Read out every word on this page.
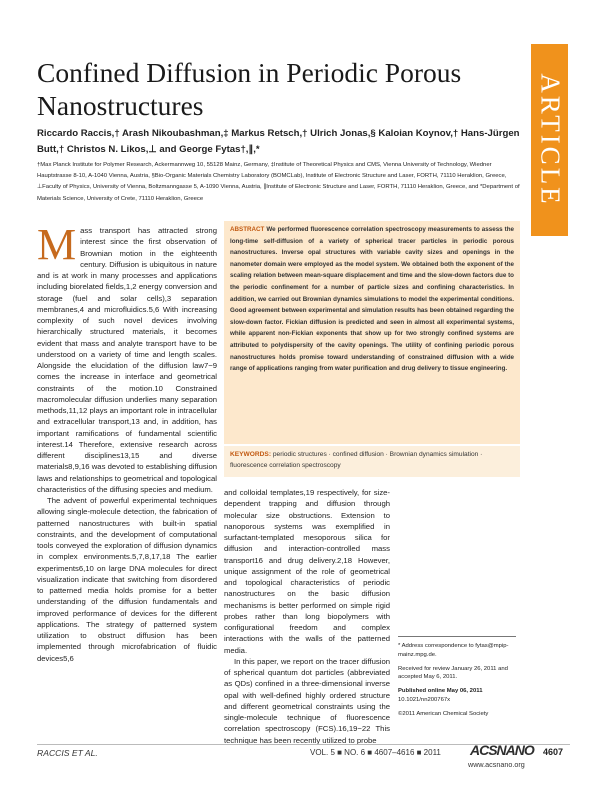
ARTICLE
Confined Diffusion in Periodic Porous
Nanostructures
Riccardo Raccis,† Arash Nikoubashman,‡ Markus Retsch,† Ulrich Jonas,§ Kaloian Koynov,† Hans-Jürgen Butt,† Christos N. Likos,⊥ and George Fytas†,∥,*
†Max Planck Institute for Polymer Research, Ackermannweg 10, 55128 Mainz, Germany, ‡Institute of Theoretical Physics and CMS, Vienna University of Technology, Wiedner Hauptstrasse 8-10, A-1040 Vienna, Austria, §Bio-Organic Materials Chemistry Laboratory (BOMCLab), Institute of Electronic Structure and Laser, FORTH, 71110 Heraklion, Greece, ⊥Faculty of Physics, University of Vienna, Boltzmanngasse 5, A-1090 Vienna, Austria, ∥Institute of Electronic Structure and Laser, FORTH, 71110 Heraklion, Greece, and *Department of Materials Science, University of Crete, 71110 Heraklion, Greece

Mass transport has attracted strong interest since the first observation of Brownian motion in the eighteenth century. Diffusion is ubiquitous in nature and is at work in many processes and applications including biorelated fields,1,2 energy conversion and storage (fuel and solar cells),3 separation membranes,4 and microfluidics.5,6 With increasing complexity of such novel devices involving hierarchically structured materials, it becomes evident that mass and analyte transport have to be understood on a variety of time and length scales. Alongside the elucidation of the diffusion law7−9 comes the increase in interface and geometrical constraints of the motion.10 Constrained macromolecular diffusion underlies many separation methods,11,12 plays an important role in intracellular and extracellular transport,13 and, in addition, has important ramifications of fundamental scientific interest.14 Therefore, extensive research across different disciplines13,15 and diverse materials8,9,16 was devoted to establishing diffusion laws and relationships to geometrical and topological characteristics of the diffusing species and medium.

The advent of powerful experimental techniques allowing single-molecule detection, the fabrication of patterned nanostructures with built-in spatial constraints, and the development of computational tools conveyed the exploration of diffusion dynamics in complex environments.5,7,8,17,18 The earlier experiments6,10 on large DNA molecules for direct visualization indicate that switching from disordered to patterned media holds promise for a better understanding of the diffusion fundamentals and improved performance of devices for the different applications. The strategy of patterned system utilization to obstruct diffusion has been implemented through microfabrication of fluidic devices5,6

ABSTRACT We performed fluorescence correlation spectroscopy measurements to assess the long-time self-diffusion of a variety of spherical tracer particles in periodic porous nanostructures. Inverse opal structures with variable cavity sizes and openings in the nanometer domain were employed as the model system. We obtained both the exponent of the scaling relation between mean-square displacement and time and the slow-down factors due to the periodic confinement for a number of particle sizes and confining characteristics. In addition, we carried out Brownian dynamics simulations to model the experimental conditions. Good agreement between experimental and simulation results has been obtained regarding the slow-down factor. Fickian diffusion is predicted and seen in almost all experimental systems, while apparent non-Fickian exponents that show up for two strongly confined systems are attributed to polydispersity of the cavity openings. The utility of confining periodic porous nanostructures holds promise toward understanding of constrained diffusion with a wide range of applications ranging from water purification and drug delivery to tissue engineering.
KEYWORDS: periodic structures · confined diffusion · Brownian dynamics simulation · fluorescence correlation spectroscopy

and colloidal templates,19 respectively, for size-dependent trapping and diffusion through molecular size obstructions. Extension to nanoporous systems was exemplified in surfactant-templated mesoporous silica for diffusion and interaction-controlled mass transport16 and drug delivery.2,18 However, unique assignment of the role of geometrical and topological characteristics of periodic nanostructures on the basic diffusion mechanisms is better performed on simple rigid probes rather than long biopolymers with configurational freedom and complex interactions with the walls of the patterned media.

In this paper, we report on the tracer diffusion of spherical quantum dot particles (abbreviated as QDs) confined in a three-dimensional inverse opal with well-defined highly ordered structure and different geometrical constraints using the single-molecule technique of fluorescence correlation spectroscopy (FCS).16,19−22 This technique has been recently utilized to probe

* Address correspondence to fytas@mpip-mainz.mpg.de.

Received for review January 26, 2011 and accepted May 6, 2011.

Published online May 06, 2011

10.1021/nn200767x

©2011 American Chemical Society

RACCIS ET AL.	VOL. 5 ■ NO. 6 ■ 4607–4616 ■ 2011 ACSNANO 4607
www.acsnano.org
